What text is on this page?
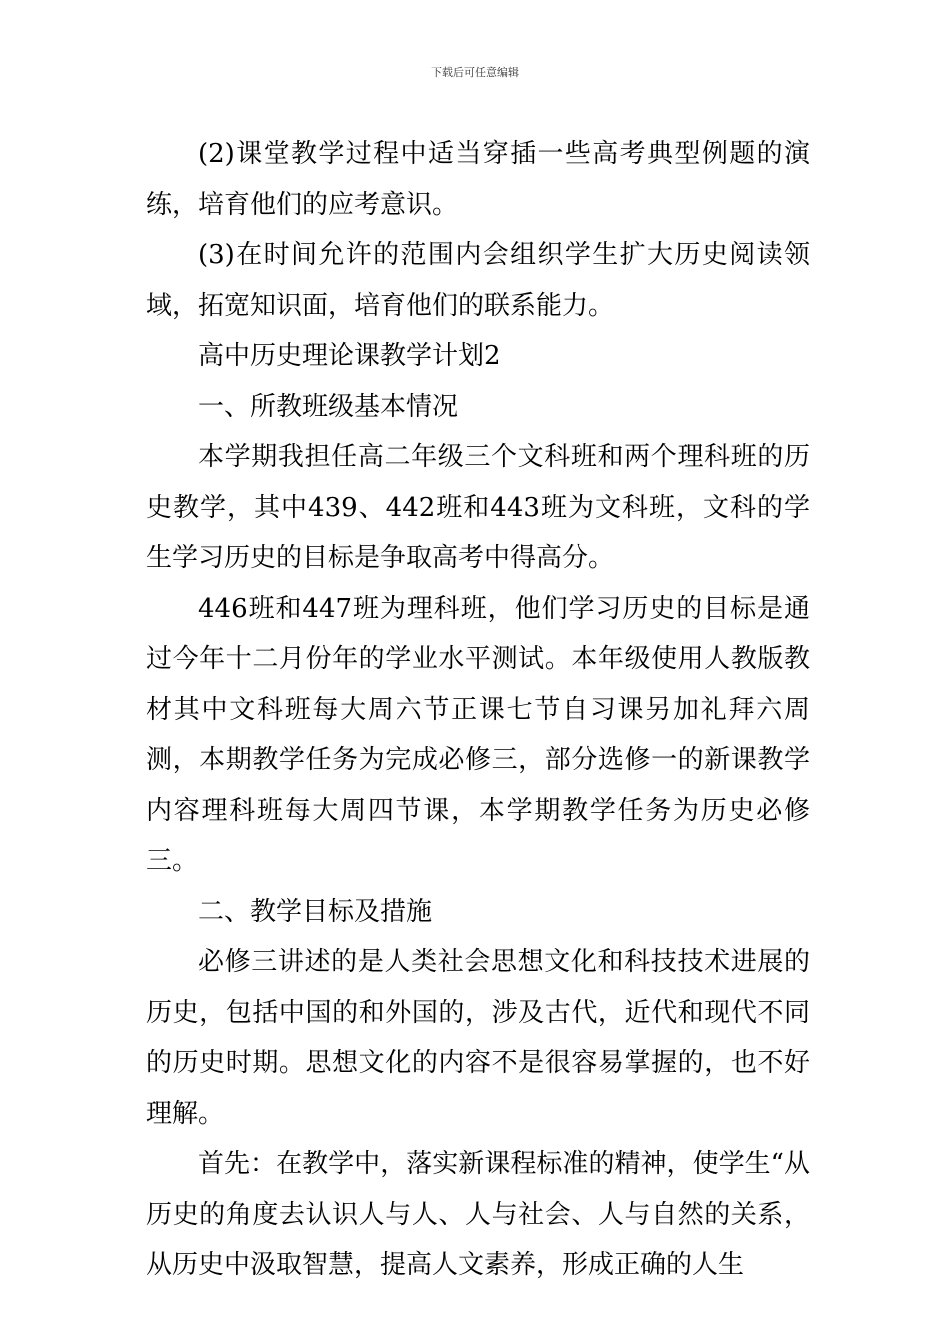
下载后可任意编辑

(2)课堂教学过程中适当穿插一些高考典型例题的演练，培育他们的应考意识。

(3)在时间允许的范围内会组织学生扩大历史阅读领域，拓宽知识面，培育他们的联系能力。

高中历史理论课教学计划2

一、所教班级基本情况

本学期我担任高二年级三个文科班和两个理科班的历史教学，其中439、442班和443班为文科班，文科的学生学习历史的目标是争取高考中得高分。

446班和447班为理科班，他们学习历史的目标是通过今年十二月份年的学业水平测试。本年级使用人教版教材其中文科班每大周六节正课七节自习课另加礼拜六周测，本期教学任务为完成必修三，部分选修一的新课教学内容理科班每大周四节课，本学期教学任务为历史必修三。

二、教学目标及措施

必修三讲述的是人类社会思想文化和科技技术进展的历史，包括中国的和外国的，涉及古代，近代和现代不同的历史时期。思想文化的内容不是很容易掌握的，也不好理解。

首先：在教学中，落实新课程标准的精神，使学生“从历史的角度去认识人与人、人与社会、人与自然的关系，从历史中汲取智慧，提高人文素养，形成正确的人生
